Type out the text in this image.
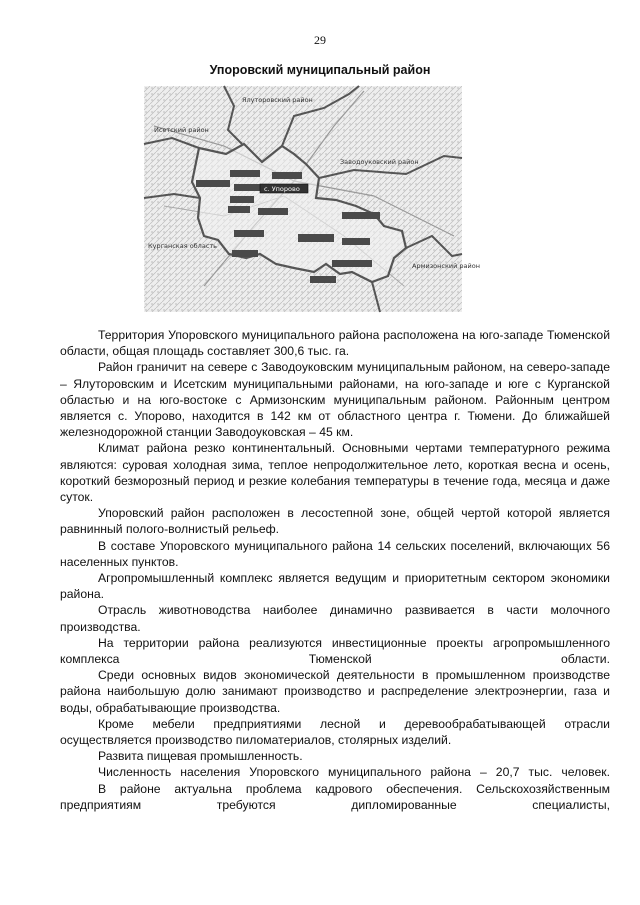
29
Упоровский муниципальный район
Ялуторовский район
Исетский район
Заводоуковский район
Курганская область
Армизонский район
с. Упорово

Территория Упоровского муниципального района расположена на юго-западе Тюменской области, общая площадь составляет 300,6 тыс. га.

Район граничит на севере с Заводоуковским муниципальным районом, на северо-западе – Ялуторовским и Исетским муниципальными районами, на юго-западе и юге с Курганской областью и на юго-востоке с Армизонским муниципальным районом. Районным центром является с. Упорово, находится в 142 км от областного центра г. Тюмени. До ближайшей железнодорожной станции Заводоуковская – 45 км.

Климат района резко континентальный. Основными чертами температурного режима являются: суровая холодная зима, теплое непродолжительное лето, короткая весна и осень, короткий безморозный период и резкие колебания температуры в течение года, месяца и даже суток.

Упоровский район расположен в лесостепной зоне, общей чертой которой является равнинный полого-волнистый рельеф.

В составе Упоровского муниципального района 14 сельских поселений, включающих 56 населенных пунктов.

Агропромышленный комплекс является ведущим и приоритетным сектором экономики района.

Отрасль животноводства наиболее динамично развивается в части молочного производства.

На территории района реализуются инвестиционные проекты агропромышленного комплекса Тюменской области.

Среди основных видов экономической деятельности в промышленном производстве района наибольшую долю занимают производство и распределение электроэнергии, газа и воды, обрабатывающие производства.

Кроме мебели предприятиями лесной и деревообрабатывающей отрасли осуществляется производство пиломатериалов, столярных изделий.

Развита пищевая промышленность.

Численность населения Упоровского муниципального района – 20,7 тыс. человек.

В районе актуальна проблема кадрового обеспечения. Сельскохозяйственным предприятиям требуются дипломированные специалисты,
